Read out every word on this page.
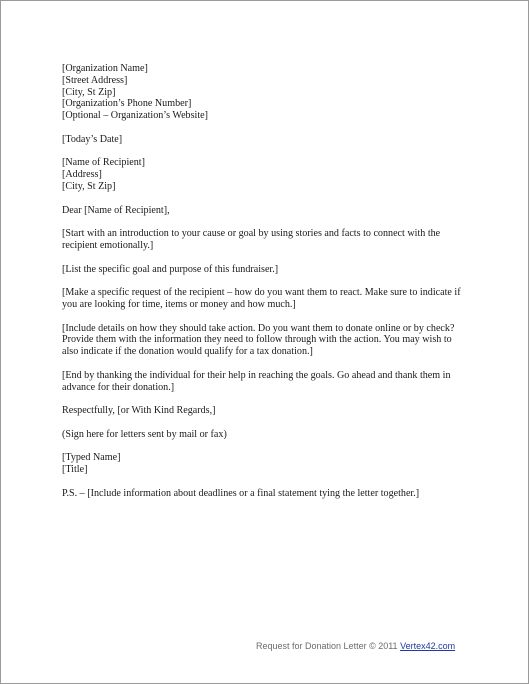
[Organization Name]
[Street Address]
[City, St Zip]
[Organization’s Phone Number]
[Optional – Organization’s Website]
[Today’s Date]
[Name of Recipient]
[Address]
[City, St Zip]
Dear [Name of Recipient],
[Start with an introduction to your cause or goal by using stories and facts to connect with the recipient emotionally.]
[List the specific goal and purpose of this fundraiser.]
[Make a specific request of the recipient – how do you want them to react. Make sure to indicate if you are looking for time, items or money and how much.]
[Include details on how they should take action. Do you want them to donate online or by check? Provide them with the information they need to follow through with the action. You may wish to also indicate if the donation would qualify for a tax donation.]
[End by thanking the individual for their help in reaching the goals. Go ahead and thank them in advance for their donation.]
Respectfully, [or With Kind Regards,]
(Sign here for letters sent by mail or fax)
[Typed Name]
[Title]
P.S. – [Include information about deadlines or a final statement tying the letter together.]
Request for Donation Letter © 2011 Vertex42.com
